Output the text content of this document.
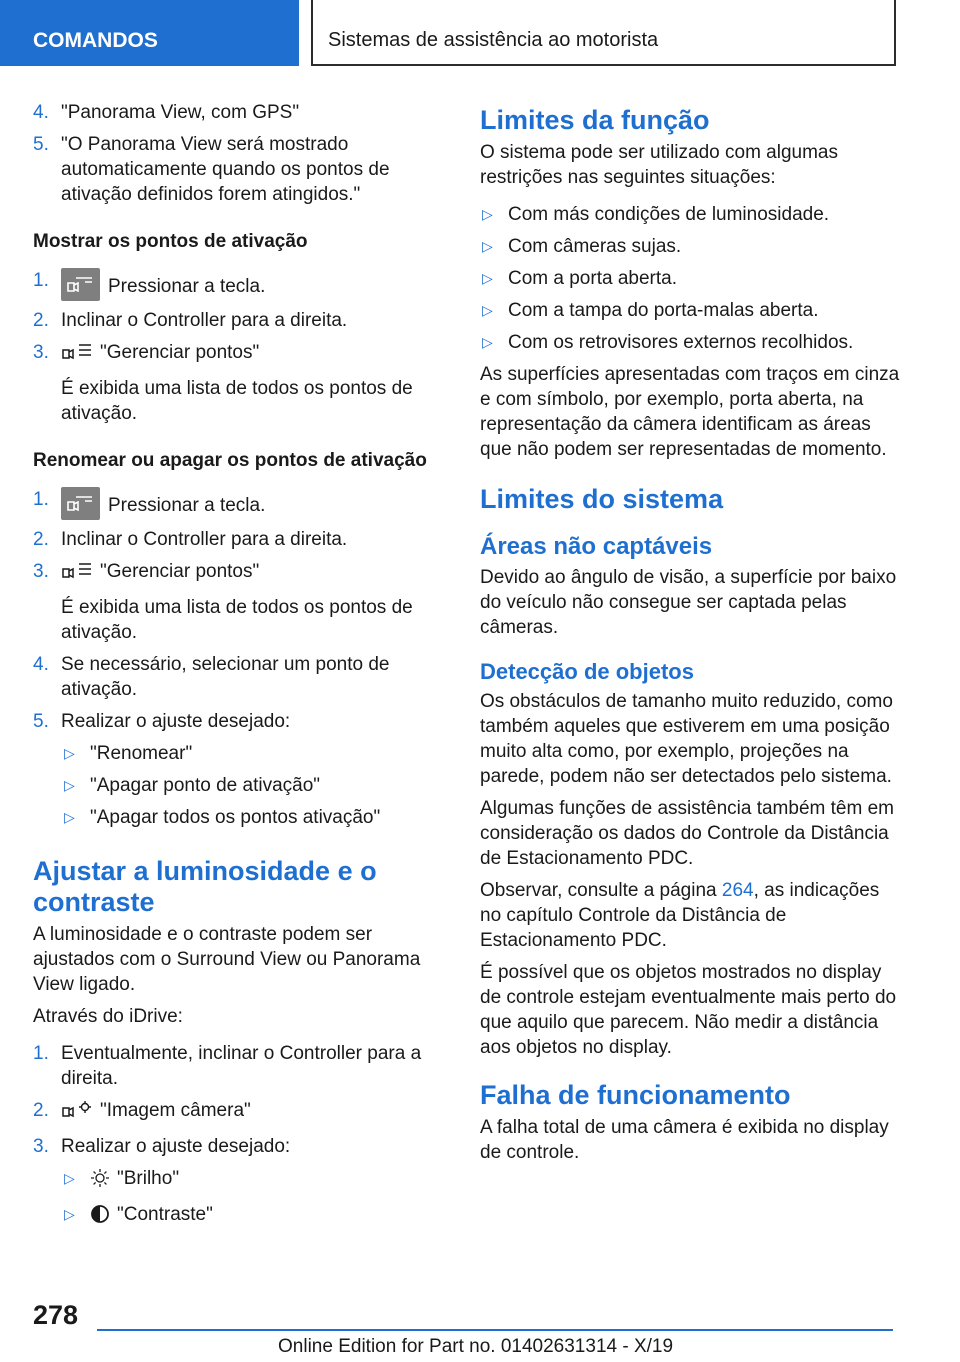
COMANDOS	Sistemas de assistência ao motorista
4. "Panorama View, com GPS"
5. "O Panorama View será mostrado automaticamente quando os pontos de ativação definidos forem atingidos."
Mostrar os pontos de ativação
1.	Pressionar a tecla.
2. Inclinar o Controller para a direita.
3.	"Gerenciar pontos"
É exibida uma lista de todos os pontos de ativação.
Renomear ou apagar os pontos de ativação
1.	Pressionar a tecla.
2. Inclinar o Controller para a direita.
3.	"Gerenciar pontos"
É exibida uma lista de todos os pontos de ativação.
4. Se necessário, selecionar um ponto de ativação.
5. Realizar o ajuste desejado:
▷ "Renomear"
▷ "Apagar ponto de ativação"
▷ "Apagar todos os pontos ativação"
Ajustar a luminosidade e o contraste
A luminosidade e o contraste podem ser ajustados com o Surround View ou Panorama View ligado.
Através do iDrive:
1. Eventualmente, inclinar o Controller para a direita.
2.	"Imagem câmera"
3. Realizar o ajuste desejado:
▷ "Brilho"
▷ "Contraste"
Limites da função
O sistema pode ser utilizado com algumas restrições nas seguintes situações:
▷ Com más condições de luminosidade.
▷ Com câmeras sujas.
▷ Com a porta aberta.
▷ Com a tampa do porta-malas aberta.
▷ Com os retrovisores externos recolhidos.
As superfícies apresentadas com traços em cinza e com símbolo, por exemplo, porta aberta, na representação da câmera identificam as áreas que não podem ser representadas de momento.
Limites do sistema
Áreas não captáveis
Devido ao ângulo de visão, a superfície por baixo do veículo não consegue ser captada pelas câmeras.
Detecção de objetos
Os obstáculos de tamanho muito reduzido, como também aqueles que estiverem em uma posição muito alta como, por exemplo, projeções na parede, podem não ser detectados pelo sistema.
Algumas funções de assistência também têm em consideração os dados do Controle da Distância de Estacionamento PDC.
Observar, consulte a página 264, as indicações no capítulo Controle da Distância de Estacionamento PDC.
É possível que os objetos mostrados no display de controle estejam eventualmente mais perto do que aquilo que parecem. Não medir a distância aos objetos no display.
Falha de funcionamento
A falha total de uma câmera é exibida no display de controle.
278
Online Edition for Part no. 01402631314 - X/19
